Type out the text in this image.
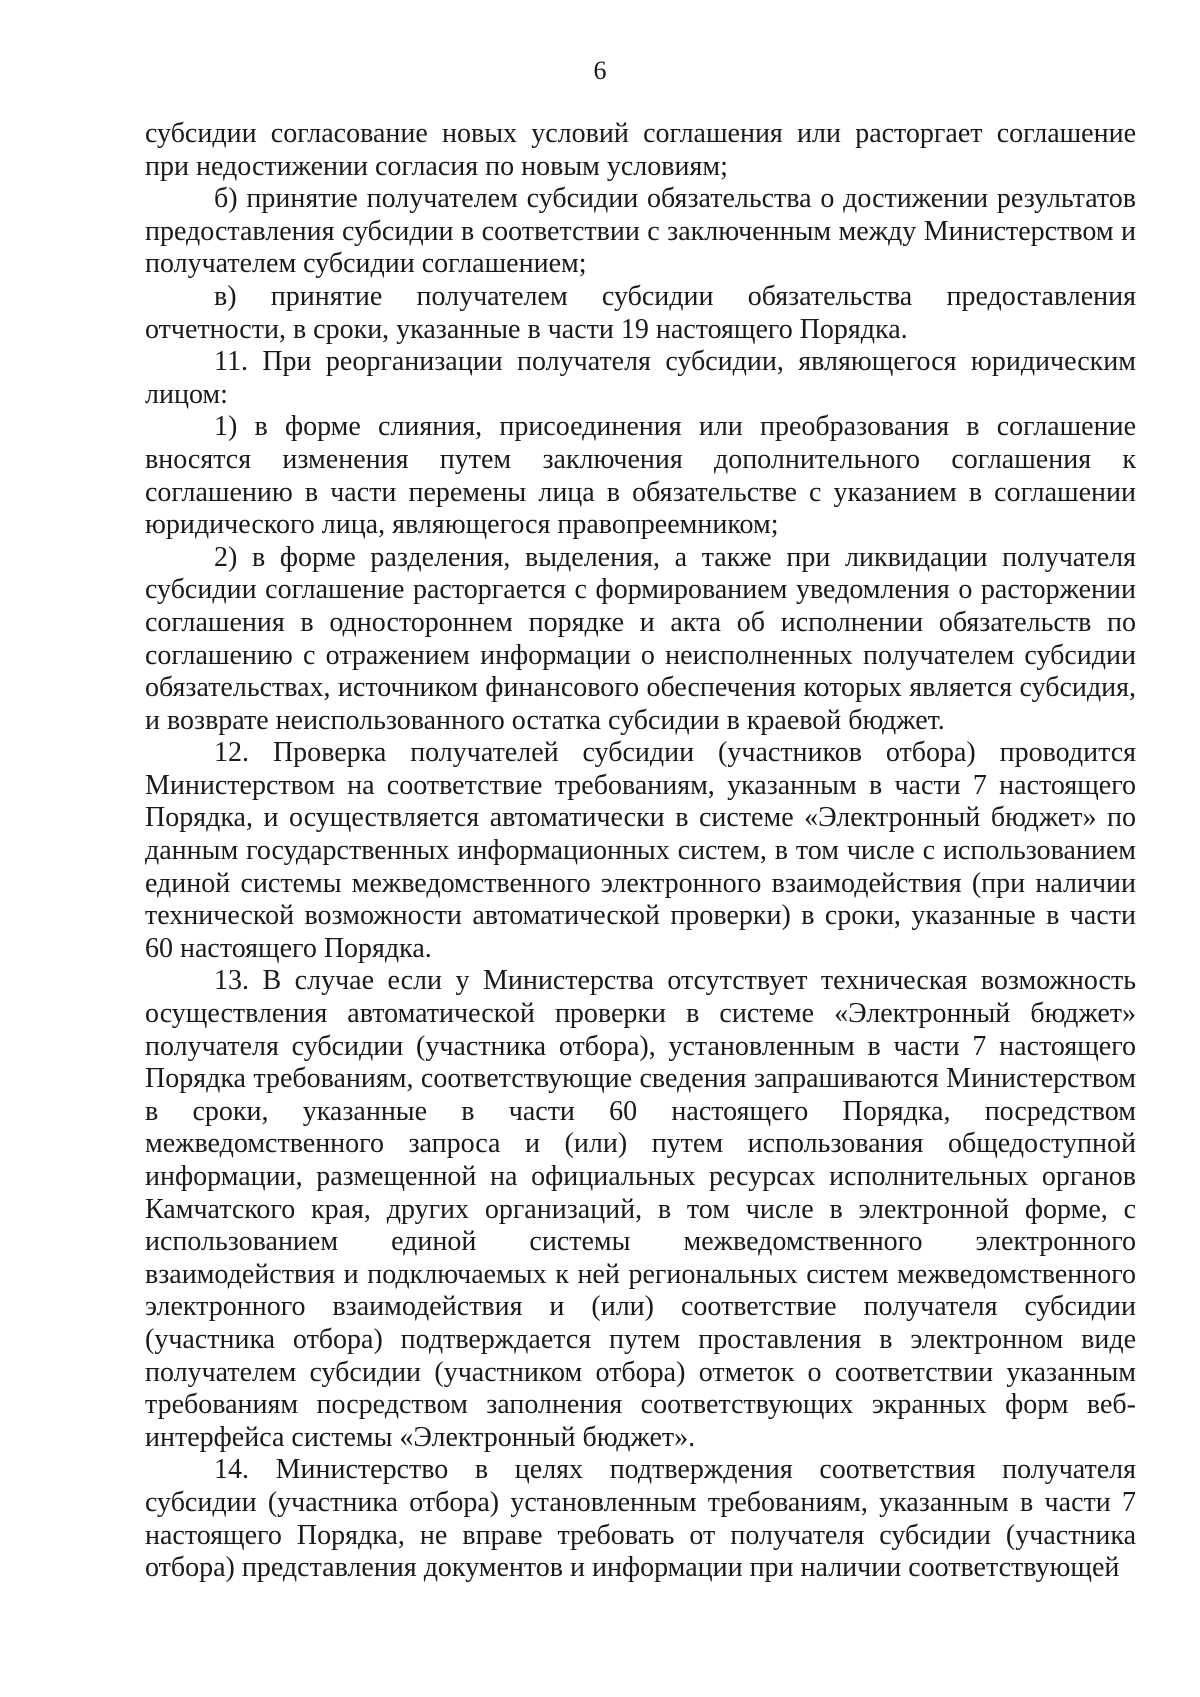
6

субсидии согласование новых условий соглашения или расторгает соглашение при недостижении согласия по новым условиям;

б) принятие получателем субсидии обязательства о достижении результатов предоставления субсидии в соответствии с заключенным между Министерством и получателем субсидии соглашением;

в) принятие получателем субсидии обязательства предоставления отчетности, в сроки, указанные в части 19 настоящего Порядка.

11. При реорганизации получателя субсидии, являющегося юридическим лицом:

1) в форме слияния, присоединения или преобразования в соглашение вносятся изменения путем заключения дополнительного соглашения к соглашению в части перемены лица в обязательстве с указанием в соглашении юридического лица, являющегося правопреемником;

2) в форме разделения, выделения, а также при ликвидации получателя субсидии соглашение расторгается с формированием уведомления о расторжении соглашения в одностороннем порядке и акта об исполнении обязательств по соглашению с отражением информации о неисполненных получателем субсидии обязательствах, источником финансового обеспечения которых является субсидия, и возврате неиспользованного остатка субсидии в краевой бюджет.

12. Проверка получателей субсидии (участников отбора) проводится Министерством на соответствие требованиям, указанным в части 7 настоящего Порядка, и осуществляется автоматически в системе «Электронный бюджет» по данным государственных информационных систем, в том числе с использованием единой системы межведомственного электронного взаимодействия (при наличии технической возможности автоматической проверки) в сроки, указанные в части 60 настоящего Порядка.

13. В случае если у Министерства отсутствует техническая возможность осуществления автоматической проверки в системе «Электронный бюджет» получателя субсидии (участника отбора), установленным в части 7 настоящего Порядка требованиям, соответствующие сведения запрашиваются Министерством в сроки, указанные в части 60 настоящего Порядка, посредством межведомственного запроса и (или) путем использования общедоступной информации, размещенной на официальных ресурсах исполнительных органов Камчатского края, других организаций, в том числе в электронной форме, с использованием единой системы межведомственного электронного взаимодействия и подключаемых к ней региональных систем межведомственного электронного взаимодействия и (или) соответствие получателя субсидии (участника отбора) подтверждается путем проставления в электронном виде получателем субсидии (участником отбора) отметок о соответствии указанным требованиям посредством заполнения соответствующих экранных форм веб-интерфейса системы «Электронный бюджет».

14. Министерство в целях подтверждения соответствия получателя субсидии (участника отбора) установленным требованиям, указанным в части 7 настоящего Порядка, не вправе требовать от получателя субсидии (участника отбора) представления документов и информации при наличии соответствующей
